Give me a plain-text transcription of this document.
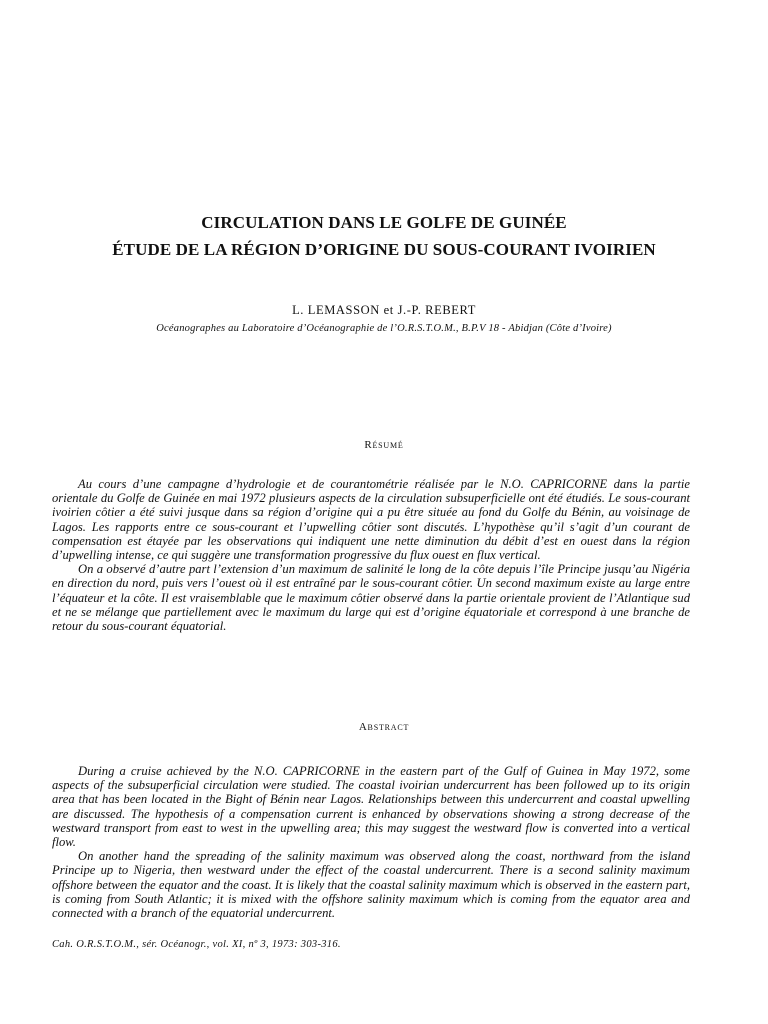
CIRCULATION DANS LE GOLFE DE GUINÉE
ÉTUDE DE LA RÉGION D’ORIGINE DU SOUS-COURANT IVOIRIEN
L. LEMASSON et J.-P. REBERT
Océanographes au Laboratoire d’Océanographie de l’O.R.S.T.O.M., B.P.V 18 - Abidjan (Côte d’Ivoire)
Résumé

Au cours d’une campagne d’hydrologie et de courantométrie réalisée par le N.O. CAPRICORNE dans la partie orientale du Golfe de Guinée en mai 1972 plusieurs aspects de la circulation subsuperficielle ont été étudiés. Le sous-courant ivoirien côtier a été suivi jusque dans sa région d’origine qui a pu être située au fond du Golfe du Bénin, au voisinage de Lagos. Les rapports entre ce sous-courant et l’upwelling côtier sont discutés. L’hypothèse qu’il s’agit d’un courant de compensation est étayée par les observations qui indiquent une nette diminution du débit d’est en ouest dans la région d’upwelling intense, ce qui suggère une transformation progressive du flux ouest en flux vertical.

On a observé d’autre part l’extension d’un maximum de salinité le long de la côte depuis l’île Principe jusqu’au Nigéria en direction du nord, puis vers l’ouest où il est entraîné par le sous-courant côtier. Un second maximum existe au large entre l’équateur et la côte. Il est vraisemblable que le maximum côtier observé dans la partie orientale provient de l’Atlantique sud et ne se mélange que partiellement avec le maximum du large qui est d’origine équatoriale et correspond à une branche de retour du sous-courant équatorial.

Abstract

During a cruise achieved by the N.O. CAPRICORNE in the eastern part of the Gulf of Guinea in May 1972, some aspects of the subsuperficial circulation were studied. The coastal ivoirian undercurrent has been followed up to its origin area that has been located in the Bight of Bénin near Lagos. Relationships between this undercurrent and coastal upwelling are discussed. The hypothesis of a compensation current is enhanced by observations showing a strong decrease of the westward transport from east to west in the upwelling area; this may suggest the westward flow is converted into a vertical flow.

On another hand the spreading of the salinity maximum was observed along the coast, northward from the island Principe up to Nigeria, then westward under the effect of the coastal undercurrent. There is a second salinity maximum offshore between the equator and the coast. It is likely that the coastal salinity maximum which is observed in the eastern part, is coming from South Atlantic; it is mixed with the offshore salinity maximum which is coming from the equator area and connected with a branch of the equatorial undercurrent.

Cah. O.R.S.T.O.M., sér. Océanogr., vol. XI, nº 3, 1973: 303-316.
